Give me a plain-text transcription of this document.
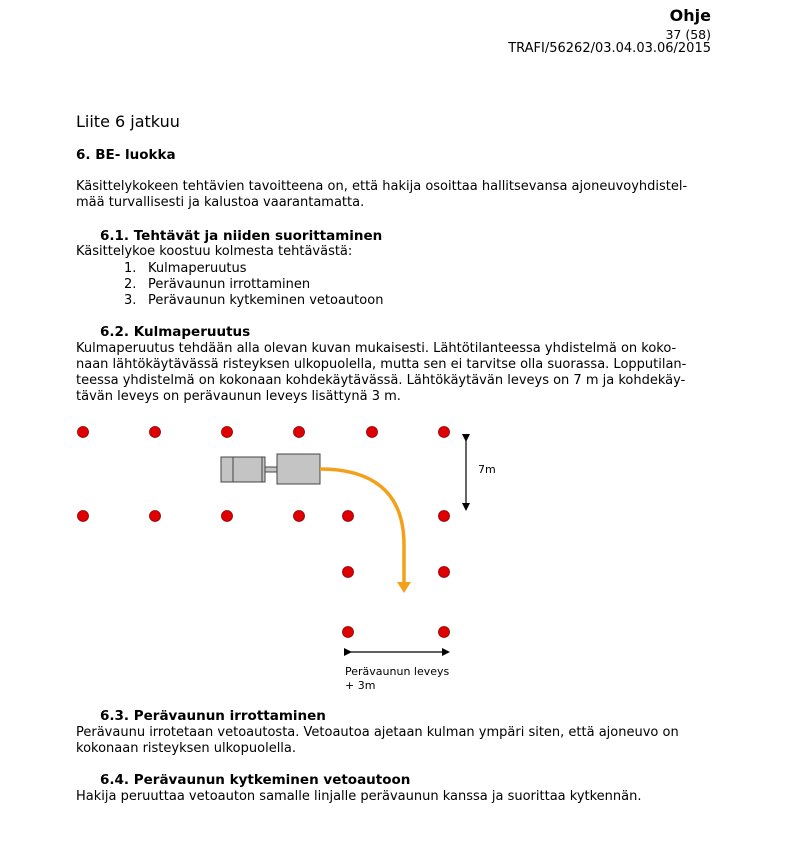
Ohje
37 (58)
TRAFI/56262/03.04.03.06/2015
Liite 6 jatkuu
6. BE- luokka
Käsittelykokeen tehtävien tavoitteena on, että hakija osoittaa hallitsevansa ajoneuvoyhdistel-
mää turvallisesti ja kalustoa vaarantamatta.
6.1. Tehtävät ja niiden suorittaminen
Käsittelykoe koostuu kolmesta tehtävästä:
1. Kulmaperuutus
2. Perävaunun irrottaminen
3. Perävaunun kytkeminen vetoautoon
6.2. Kulmaperuutus
Kulmaperuutus tehdään alla olevan kuvan mukaisesti. Lähtötilanteessa yhdistelmä on koko-
naan lähtökäytävässä risteyksen ulkopuolella, mutta sen ei tarvitse olla suorassa. Lopputilan-
teessa yhdistelmä on kokonaan kohdekäytävässä. Lähtökäytävän leveys on 7 m ja kohdekäy-
tävän leveys on perävaunun leveys lisättynä 3 m.
7m
Perävaunun leveys
+ 3m
6.3. Perävaunun irrottaminen
Perävaunu irrotetaan vetoautosta. Vetoautoa ajetaan kulman ympäri siten, että ajoneuvo on
kokonaan risteyksen ulkopuolella.
6.4. Perävaunun kytkeminen vetoautoon
Hakija peruuttaa vetoauton samalle linjalle perävaunun kanssa ja suorittaa kytkennän.
